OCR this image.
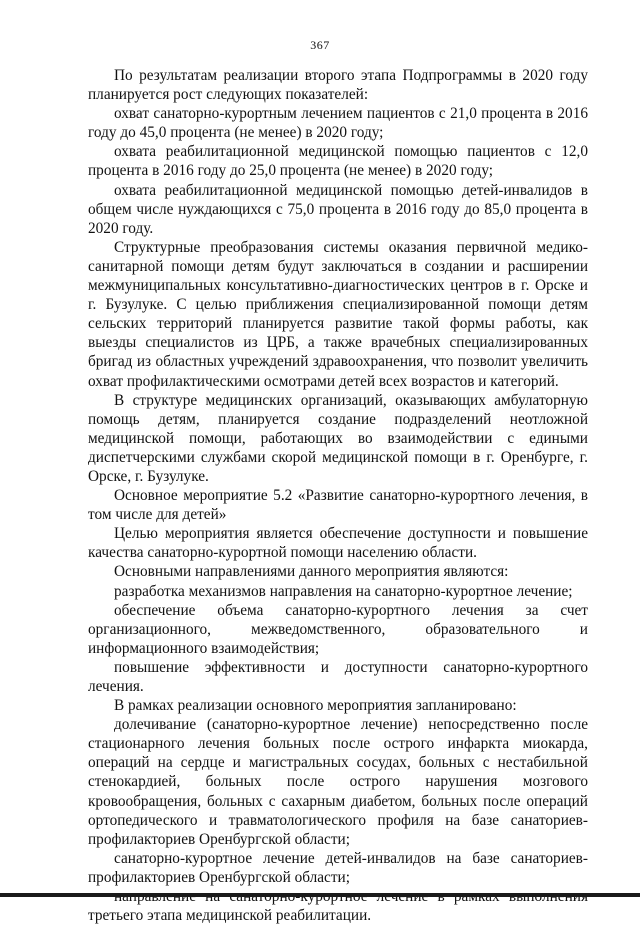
367

По результатам реализации второго этапа Подпрограммы в 2020 году планируется рост следующих показателей:

охват санаторно-курортным лечением пациентов с 21,0 процента в 2016 году до 45,0 процента (не менее) в 2020 году;

охвата реабилитационной медицинской помощью пациентов с 12,0 процента в 2016 году до 25,0 процента (не менее) в 2020 году;

охвата реабилитационной медицинской помощью детей-инвалидов в общем числе нуждающихся с 75,0 процента в 2016 году до 85,0 процента в 2020 году.

Структурные преобразования системы оказания первичной медико-санитарной помощи детям будут заключаться в создании и расширении межмуниципальных консультативно-диагностических центров в г. Орске и г. Бузулуке. С целью приближения специализированной помощи детям сельских территорий планируется развитие такой формы работы, как выезды специалистов из ЦРБ, а также врачебных специализированных бригад из областных учреждений здравоохранения, что позволит увеличить охват профилактическими осмотрами детей всех возрастов и категорий.

В структуре медицинских организаций, оказывающих амбулаторную помощь детям, планируется создание подразделений неотложной медицинской помощи, работающих во взаимодействии с едиными диспетчерскими службами скорой медицинской помощи в г. Оренбурге, г. Орске, г. Бузулуке.

Основное мероприятие 5.2 «Развитие санаторно-курортного лечения, в том числе для детей»

Целью мероприятия является обеспечение доступности и повышение качества санаторно-курортной помощи населению области.

Основными направлениями данного мероприятия являются:

разработка механизмов направления на санаторно-курортное лечение;

обеспечение объема санаторно-курортного лечения за счет организационного, межведомственного, образовательного и информационного взаимодействия;

повышение эффективности и доступности санаторно-курортного лечения.

В рамках реализации основного мероприятия запланировано:

долечивание (санаторно-курортное лечение) непосредственно после стационарного лечения больных после острого инфаркта миокарда, операций на сердце и магистральных сосудах, больных с нестабильной стенокардией, больных после острого нарушения мозгового кровообращения, больных с сахарным диабетом, больных после операций ортопедического и травматологического профиля на базе санаториев-профилакториев Оренбургской области;

санаторно-курортное лечение детей-инвалидов на базе санаториев-профилакториев Оренбургской области;

третьего этапа медицинской реабилитации.
